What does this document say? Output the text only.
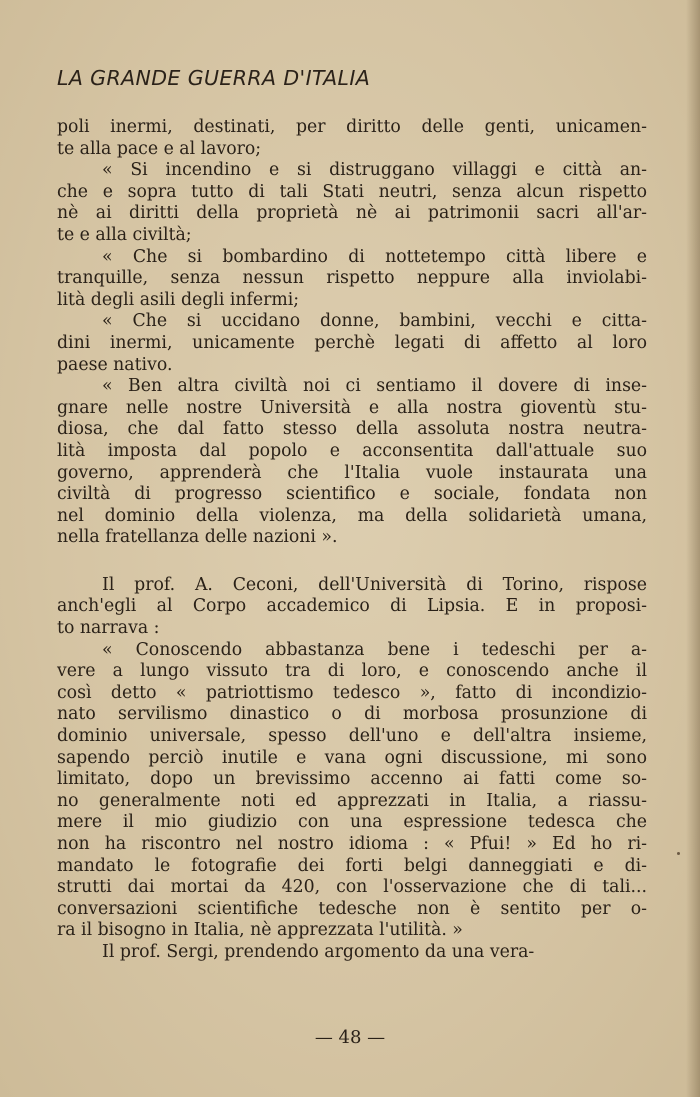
LA GRANDE GUERRA D'ITALIA
poli inermi, destinati, per diritto delle genti, unicamen-
te alla pace e al lavoro;
« Si incendino e si distruggano villaggi e città an-
che e sopra tutto di tali Stati neutri, senza alcun rispetto
nè ai diritti della proprietà nè ai patrimonii sacri all'ar-
te e alla civiltà;
« Che si bombardino di nottetempo città libere e
tranquille, senza nessun rispetto neppure alla inviolabi-
lità degli asili degli infermi;
« Che si uccidano donne, bambini, vecchi e citta-
dini inermi, unicamente perchè legati di affetto al loro
paese nativo.
« Ben altra civiltà noi ci sentiamo il dovere di inse-
gnare nelle nostre Università e alla nostra gioventù stu-
diosa, che dal fatto stesso della assoluta nostra neutra-
lità imposta dal popolo e acconsentita dall'attuale suo
governo, apprenderà che l'Italia vuole instaurata una
civiltà di progresso scientifico e sociale, fondata non
nel dominio della violenza, ma della solidarietà umana,
nella fratellanza delle nazioni ».
Il prof. A. Ceconi, dell'Università di Torino, rispose
anch'egli al Corpo accademico di Lipsia. E in proposi-
to narrava :
« Conoscendo abbastanza bene i tedeschi per a-
vere a lungo vissuto tra di loro, e conoscendo anche il
così detto « patriottismo tedesco », fatto di incondizio-
nato servilismo dinastico o di morbosa prosunzione di
dominio universale, spesso dell'uno e dell'altra insieme,
sapendo perciò inutile e vana ogni discussione, mi sono
limitato, dopo un brevissimo accenno ai fatti come so-
no generalmente noti ed apprezzati in Italia, a riassu-
mere il mio giudizio con una espressione tedesca che
non ha riscontro nel nostro idioma : « Pfui! » Ed ho ri-
mandato le fotografie dei forti belgi danneggiati e di-
strutti dai mortai da 420, con l'osservazione che di tali...
conversazioni scientifiche tedesche non è sentito per o-
ra il bisogno in Italia, nè apprezzata l'utilità. »
Il prof. Sergi, prendendo argomento da una vera-
— 48 —
